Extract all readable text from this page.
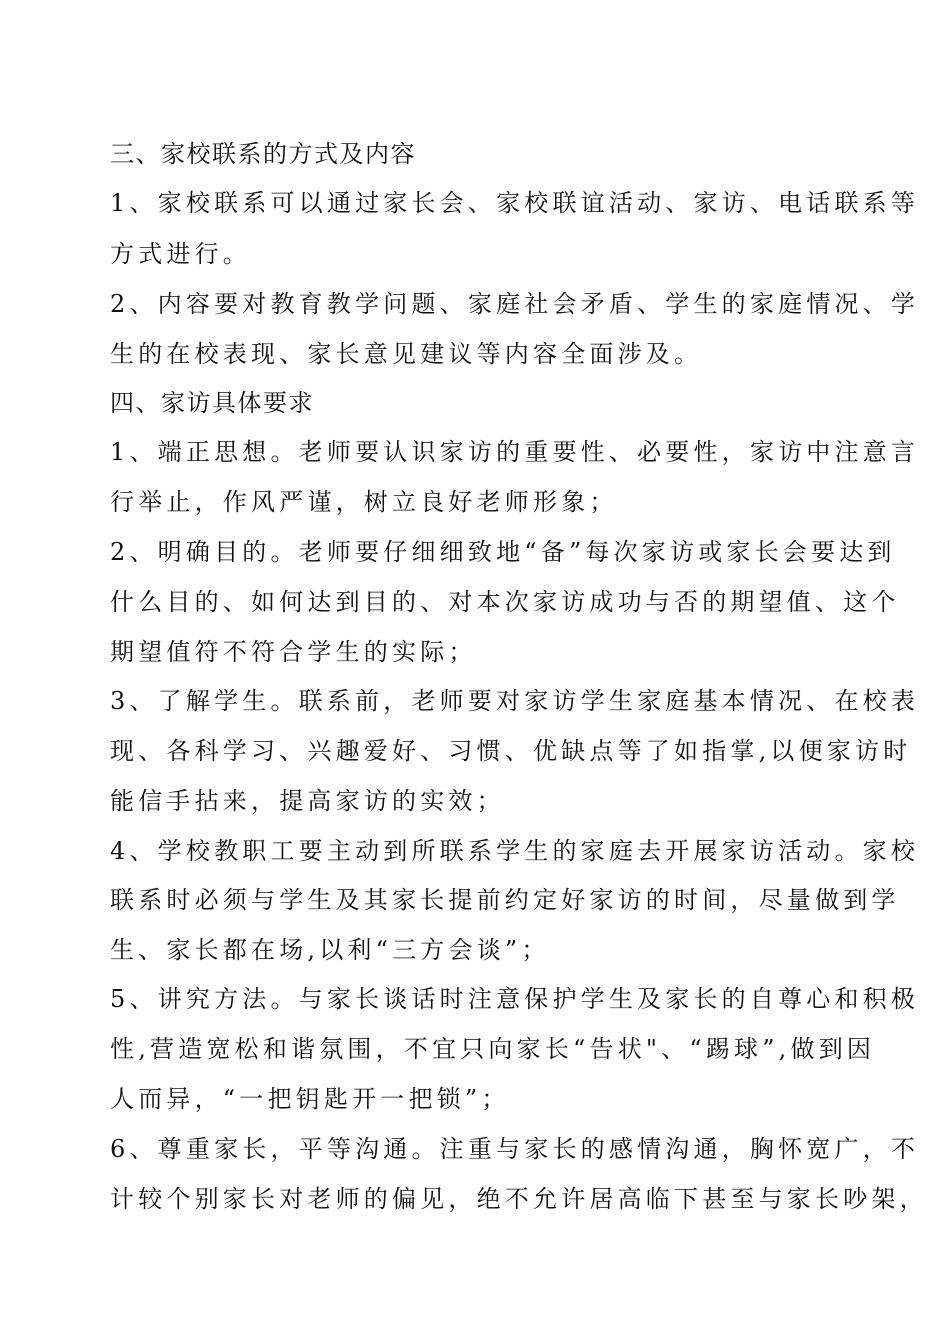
三、家校联系的方式及内容
1、家校联系可以通过家长会、家校联谊活动、家访、电话联系等
方式进行。
2、内容要对教育教学问题、家庭社会矛盾、学生的家庭情况、学
生的在校表现、家长意见建议等内容全面涉及。
四、家访具体要求
1、端正思想。老师要认识家访的重要性、必要性，家访中注意言
行举止，作风严谨，树立良好老师形象；
2、明确目的。老师要仔细细致地“备”每次家访或家长会要达到
什么目的、如何达到目的、对本次家访成功与否的期望值、这个
期望值符不符合学生的实际；
3、了解学生。联系前，老师要对家访学生家庭基本情况、在校表
现、各科学习、兴趣爱好、习惯、优缺点等了如指掌,以便家访时
能信手拈来，提高家访的实效；
4、学校教职工要主动到所联系学生的家庭去开展家访活动。家校
联系时必须与学生及其家长提前约定好家访的时间，尽量做到学
生、家长都在场,以利“三方会谈”；
5、讲究方法。与家长谈话时注意保护学生及家长的自尊心和积极
性,营造宽松和谐氛围，不宜只向家长“告状"、“踢球”,做到因
人而异，“一把钥匙开一把锁”；
6、尊重家长，平等沟通。注重与家长的感情沟通，胸怀宽广，不
计较个别家长对老师的偏见，绝不允许居高临下甚至与家长吵架，
